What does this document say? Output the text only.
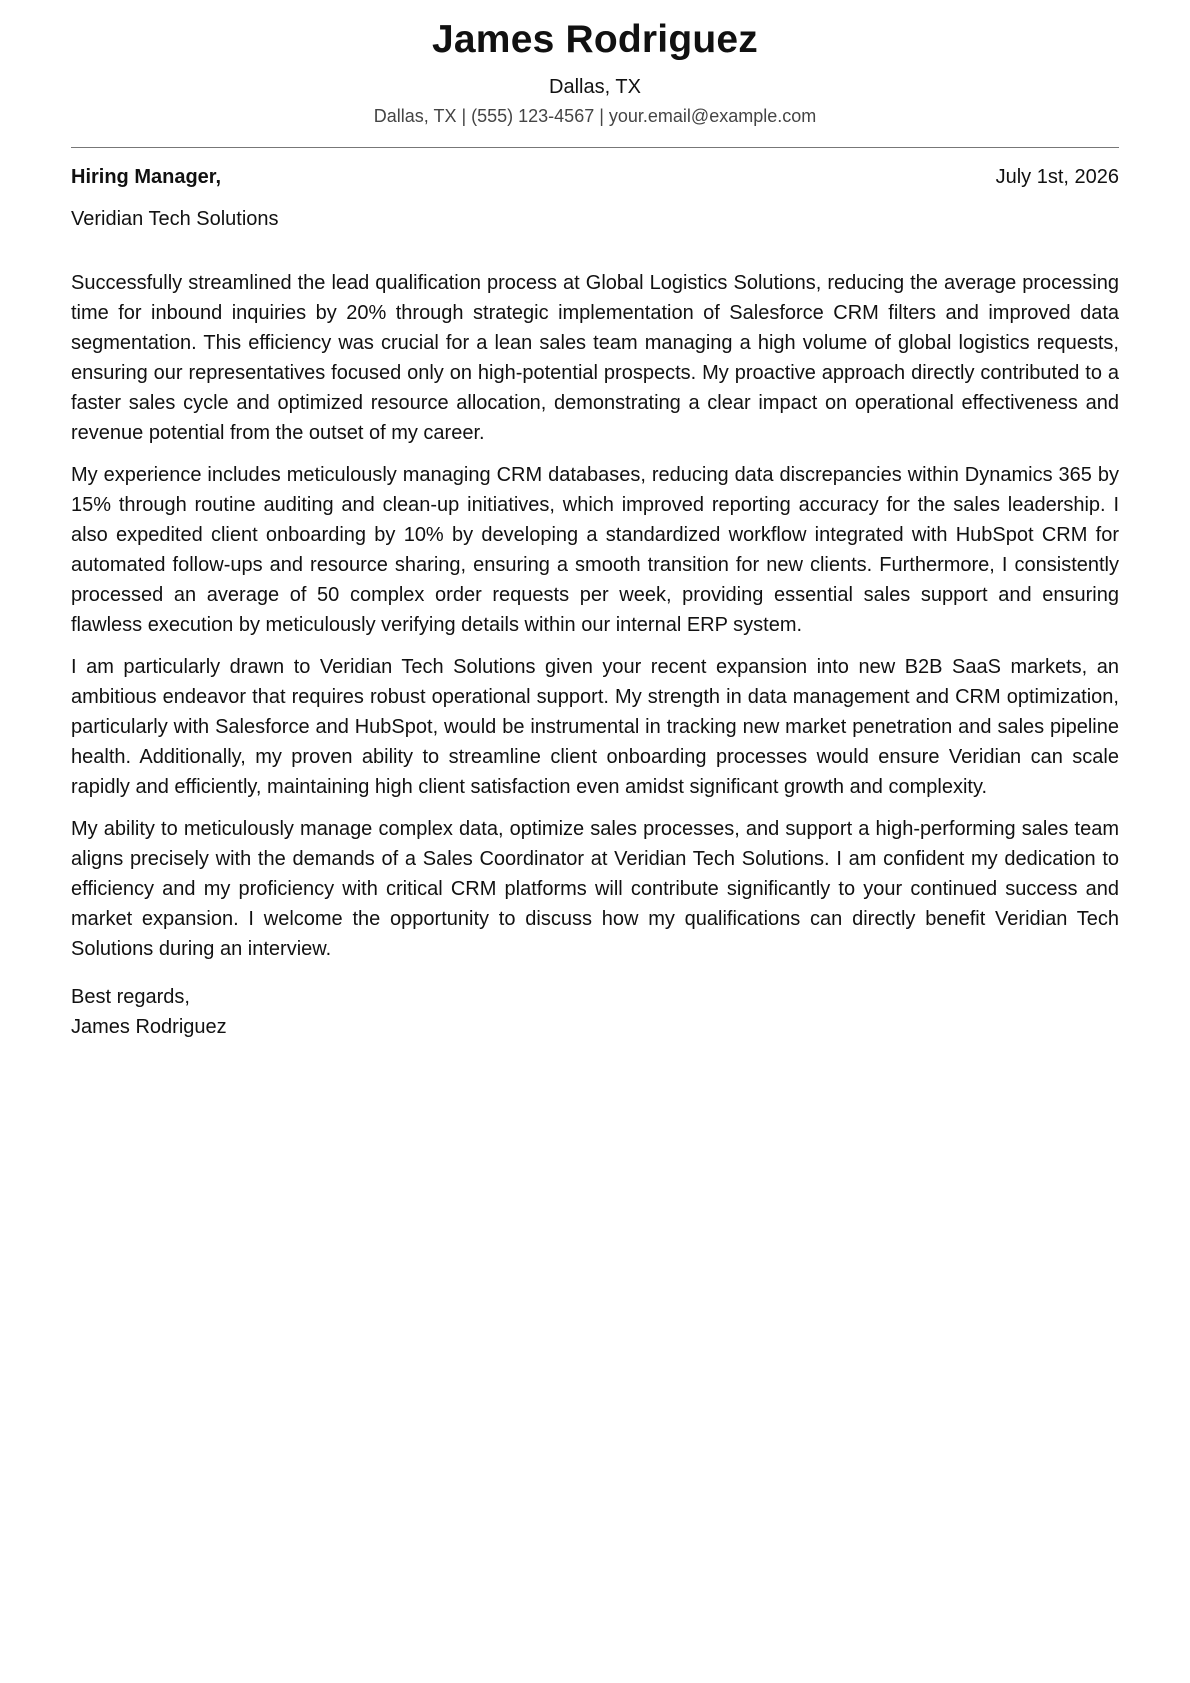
James Rodriguez
Dallas, TX
Dallas, TX | (555) 123-4567 | your.email@example.com
Hiring Manager,	July 1st, 2026
Veridian Tech Solutions

Successfully streamlined the lead qualification process at Global Logistics Solutions, reducing the average processing time for inbound inquiries by 20% through strategic implementation of Salesforce CRM filters and improved data segmentation. This efficiency was crucial for a lean sales team managing a high volume of global logistics requests, ensuring our representatives focused only on high-potential prospects. My proactive approach directly contributed to a faster sales cycle and optimized resource allocation, demonstrating a clear impact on operational effectiveness and revenue potential from the outset of my career.

My experience includes meticulously managing CRM databases, reducing data discrepancies within Dynamics 365 by 15% through routine auditing and clean-up initiatives, which improved reporting accuracy for the sales leadership. I also expedited client onboarding by 10% by developing a standardized workflow integrated with HubSpot CRM for automated follow-ups and resource sharing, ensuring a smooth transition for new clients. Furthermore, I consistently processed an average of 50 complex order requests per week, providing essential sales support and ensuring flawless execution by meticulously verifying details within our internal ERP system.

I am particularly drawn to Veridian Tech Solutions given your recent expansion into new B2B SaaS markets, an ambitious endeavor that requires robust operational support. My strength in data management and CRM optimization, particularly with Salesforce and HubSpot, would be instrumental in tracking new market penetration and sales pipeline health. Additionally, my proven ability to streamline client onboarding processes would ensure Veridian can scale rapidly and efficiently, maintaining high client satisfaction even amidst significant growth and complexity.

My ability to meticulously manage complex data, optimize sales processes, and support a high-performing sales team aligns precisely with the demands of a Sales Coordinator at Veridian Tech Solutions. I am confident my dedication to efficiency and my proficiency with critical CRM platforms will contribute significantly to your continued success and market expansion. I welcome the opportunity to discuss how my qualifications can directly benefit Veridian Tech Solutions during an interview.

Best regards,
James Rodriguez
